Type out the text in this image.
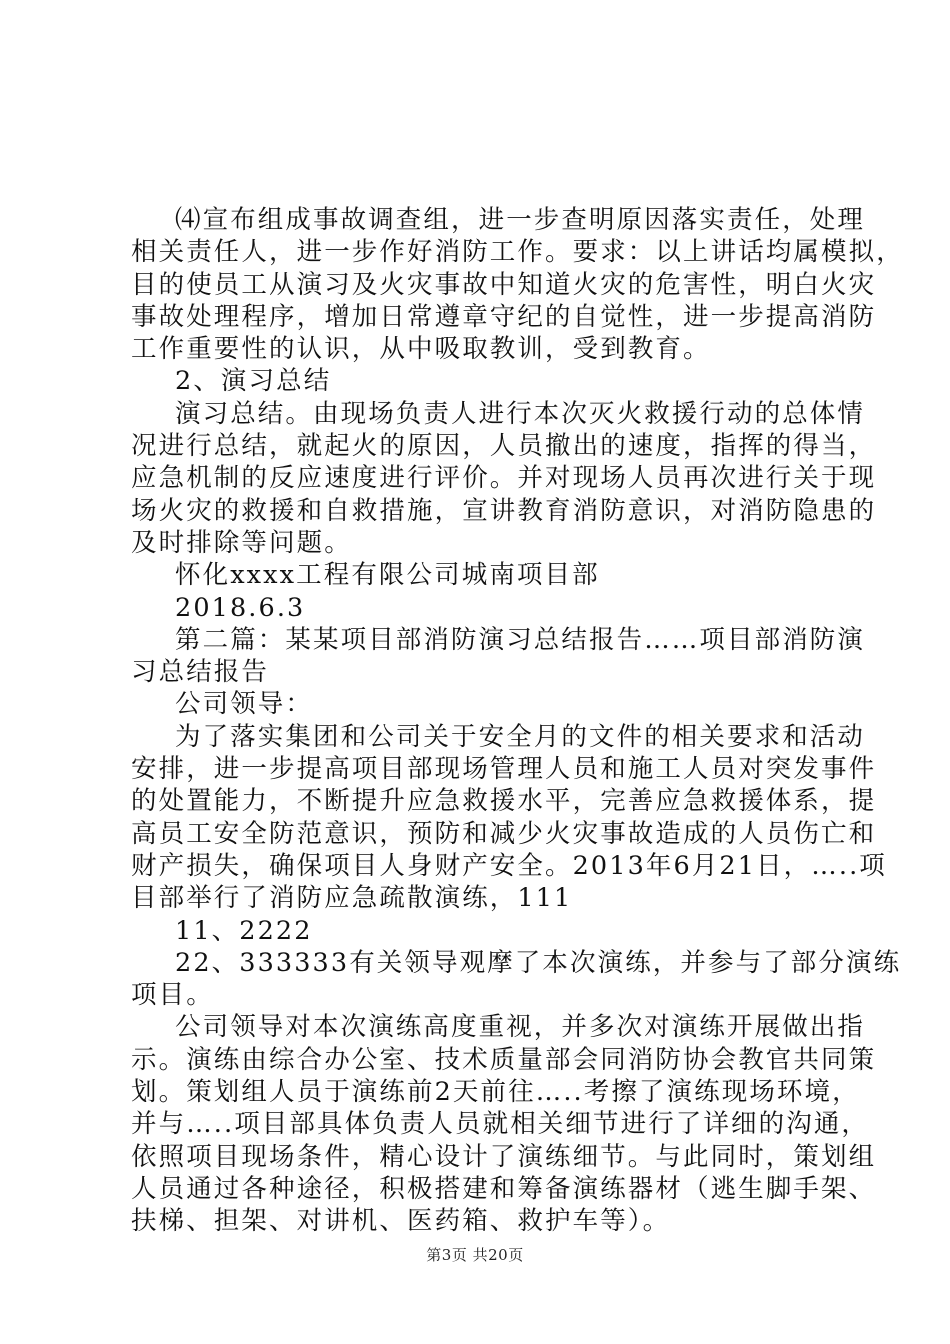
⑷宣布组成事故调查组，进一步查明原因落实责任，处理
相关责任人，进一步作好消防工作。要求：以上讲话均属模拟，
目的使员工从演习及火灾事故中知道火灾的危害性，明白火灾
事故处理程序，增加日常遵章守纪的自觉性，进一步提高消防
工作重要性的认识，从中吸取教训，受到教育。
2、演习总结
演习总结。由现场负责人进行本次灭火救援行动的总体情
况进行总结，就起火的原因，人员撤出的速度，指挥的得当，
应急机制的反应速度进行评价。并对现场人员再次进行关于现
场火灾的救援和自救措施，宣讲教育消防意识，对消防隐患的
及时排除等问题。
怀化xxxx工程有限公司城南项目部
2018.6.3
第二篇：某某项目部消防演习总结报告……项目部消防演
习总结报告
公司领导：
为了落实集团和公司关于安全月的文件的相关要求和活动
安排，进一步提高项目部现场管理人员和施工人员对突发事件
的处置能力，不断提升应急救援水平，完善应急救援体系，提
高员工安全防范意识，预防和减少火灾事故造成的人员伤亡和
财产损失，确保项目人身财产安全。2013年6月21日，…..项
目部举行了消防应急疏散演练，111
11、2222
22、333333有关领导观摩了本次演练，并参与了部分演练
项目。
公司领导对本次演练高度重视，并多次对演练开展做出指
示。演练由综合办公室、技术质量部会同消防协会教官共同策
划。策划组人员于演练前2天前往…..考擦了演练现场环境，
并与…..项目部具体负责人员就相关细节进行了详细的沟通，
依照项目现场条件，精心设计了演练细节。与此同时，策划组
人员通过各种途径，积极搭建和筹备演练器材（逃生脚手架、
扶梯、担架、对讲机、医药箱、救护车等）。
第3页 共20页
